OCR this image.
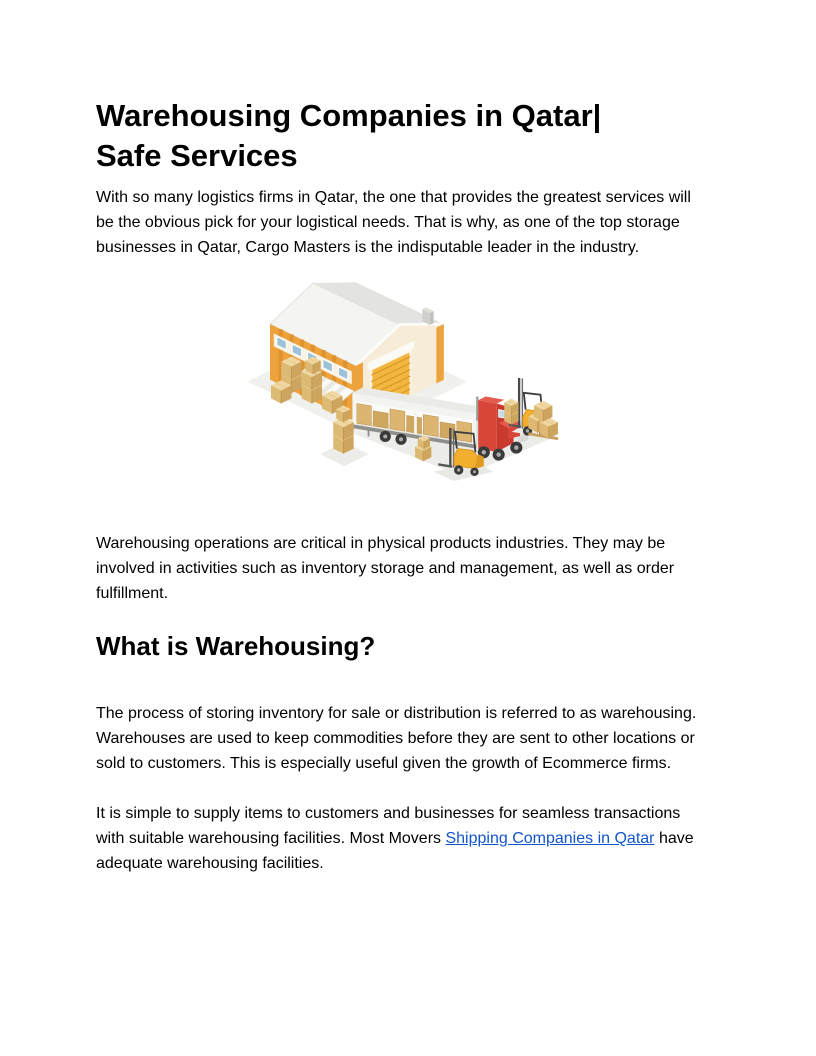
Warehousing Companies in Qatar|
Safe Services

With so many logistics firms in Qatar, the one that provides the greatest services will be the obvious pick for your logistical needs. That is why, as one of the top storage businesses in Qatar, Cargo Masters is the indisputable leader in the industry.

Warehousing operations are critical in physical products industries. They may be involved in activities such as inventory storage and management, as well as order fulfillment.

What is Warehousing?

The process of storing inventory for sale or distribution is referred to as warehousing. Warehouses are used to keep commodities before they are sent to other locations or sold to customers. This is especially useful given the growth of Ecommerce firms.

It is simple to supply items to customers and businesses for seamless transactions with suitable warehousing facilities. Most Movers Shipping Companies in Qatar have adequate warehousing facilities.
